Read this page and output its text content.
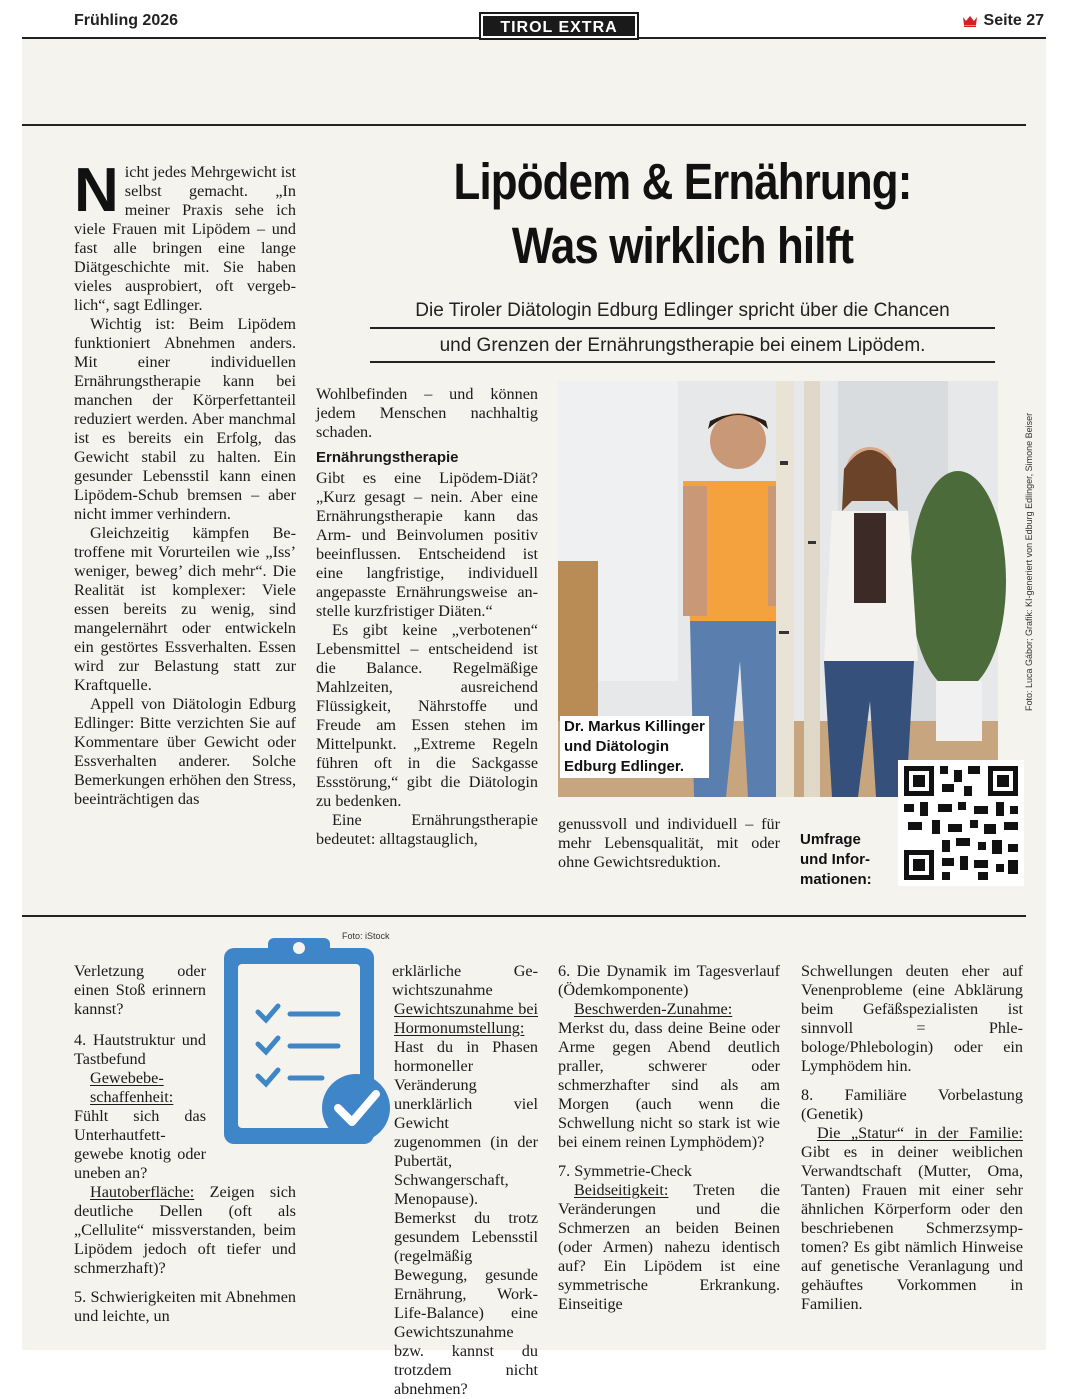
Frühling 2026	TIROL EXTRA	Seite 27

Nicht jedes Mehrgewicht ist selbst gemacht. „In meiner Praxis sehe ich viele Frauen mit Lipödem – und fast alle bringen eine lange Diätgeschichte mit. Sie haben vieles ausprobiert, oft vergeblich“, sagt Edlinger.

Wichtig ist: Beim Lipödem funktioniert Abnehmen anders. Mit einer individuellen Ernährungstherapie kann bei manchen der Körperfettanteil reduziert werden. Aber manchmal ist es bereits ein Erfolg, das Gewicht stabil zu halten. Ein gesunder Lebensstil kann einen Lipödem-Schub bremsen – aber nicht immer verhindern.

Gleichzeitig kämpfen Betroffene mit Vorurteilen wie „Iss’ weniger, beweg’ dich mehr“. Die Realität ist komplexer: Viele essen bereits zu wenig, sind mangelernährt oder entwickeln ein gestörtes Essverhalten. Essen wird zur Belastung statt zur Kraftquelle.

Appell von Diätologin Edburg Edlinger: Bitte verzichten Sie auf Kommentare über Gewicht oder Essverhalten anderer. Solche Bemerkungen erhöhen den Stress, beeinträchtigen das

Lipödem & Ernährung:
Was wirklich hilft
Die Tiroler Diätologin Edburg Edlinger spricht über die Chancen
und Grenzen der Ernährungstherapie bei einem Lipödem.

Wohlbefinden – und können jedem Menschen nachhaltig schaden.

Ernährungstherapie

Gibt es eine Lipödem-Diät? „Kurz gesagt – nein. Aber eine Ernährungstherapie kann das Arm- und Beinvolumen positiv beeinflussen. Entscheidend ist eine langfristige, individuell angepasste Ernährungsweise anstelle kurzfristiger Diäten.“

Es gibt keine „verbotenen“ Lebensmittel – entscheidend ist die Balance. Regelmäßige Mahlzeiten, ausreichend Flüssigkeit, Nährstoffe und Freude am Essen stehen im Mittelpunkt. „Extreme Regeln führen oft in die Sackgasse Essstörung,“ gibt die Diätologin zu bedenken.

Eine Ernährungstherapie bedeutet: alltagstauglich,

Foto: Luca Gábor; Grafik: KI-generiert von Edburg Edlinger, Simone Beiser
Dr. Markus Killinger
und Diätologin
Edburg Edlinger.

genussvoll und individuell – für mehr Lebensqualität, mit oder ohne Gewichtsreduktion.

Umfrage
und Infor-
mationen:
Foto: iStock

Verletzung oder einen Stoß erinnern kannst?

4. Hautstruktur und Tastbefund

Gewebebeschaffenheit:

Fühlt sich das Unterhautfettgewebe knotig oder uneben an?

Hautoberfläche: Zeigen sich deutliche Dellen (oft als „Cellulite“ missverstanden, beim Lipödem jedoch oft tiefer und schmerzhaft)?

5. Schwierigkeiten mit Abnehmen und leichte, un

erklärliche Gewichtszunahme

Gewichtszunahme bei Hormonumstellung:

Hast du in Phasen hormoneller Veränderung unerklärlich viel Gewicht zugenommen (in der Pubertät, Schwangerschaft, Menopause). Bemerkst du trotz gesundem Lebensstil (regelmäßig Bewegung, gesunde Ernährung, Work-Life-Balance) eine Gewichtszunahme bzw. kannst du trotzdem nicht abnehmen?

6. Die Dynamik im Tagesverlauf (Ödemkomponente)

Beschwerden-Zunahme: Merkst du, dass deine Beine oder Arme gegen Abend deutlich praller, schwerer oder schmerzhafter sind als am Morgen (auch wenn die Schwellung nicht so stark ist wie bei einem reinen Lymphödem)?

7. Symmetrie-Check

Beidseitigkeit: Treten die Veränderungen und die Schmerzen an beiden Beinen (oder Armen) nahezu identisch auf? Ein Lipödem ist eine symmetrische Erkrankung. Einseitige

Schwellungen deuten eher auf Venenprobleme (eine Abklärung beim Gefäßspezialisten ist sinnvoll = Phlebologe/Phlebologin) oder ein Lymphödem hin.

8. Familiäre Vorbelastung (Genetik)

Die „Statur“ in der Familie: Gibt es in deiner weiblichen Verwandtschaft (Mutter, Oma, Tanten) Frauen mit einer sehr ähnlichen Körperform oder den beschriebenen Schmerzsymptomen? Es gibt nämlich Hinweise auf genetische Veranlagung und gehäuftes Vorkommen in Familien.
